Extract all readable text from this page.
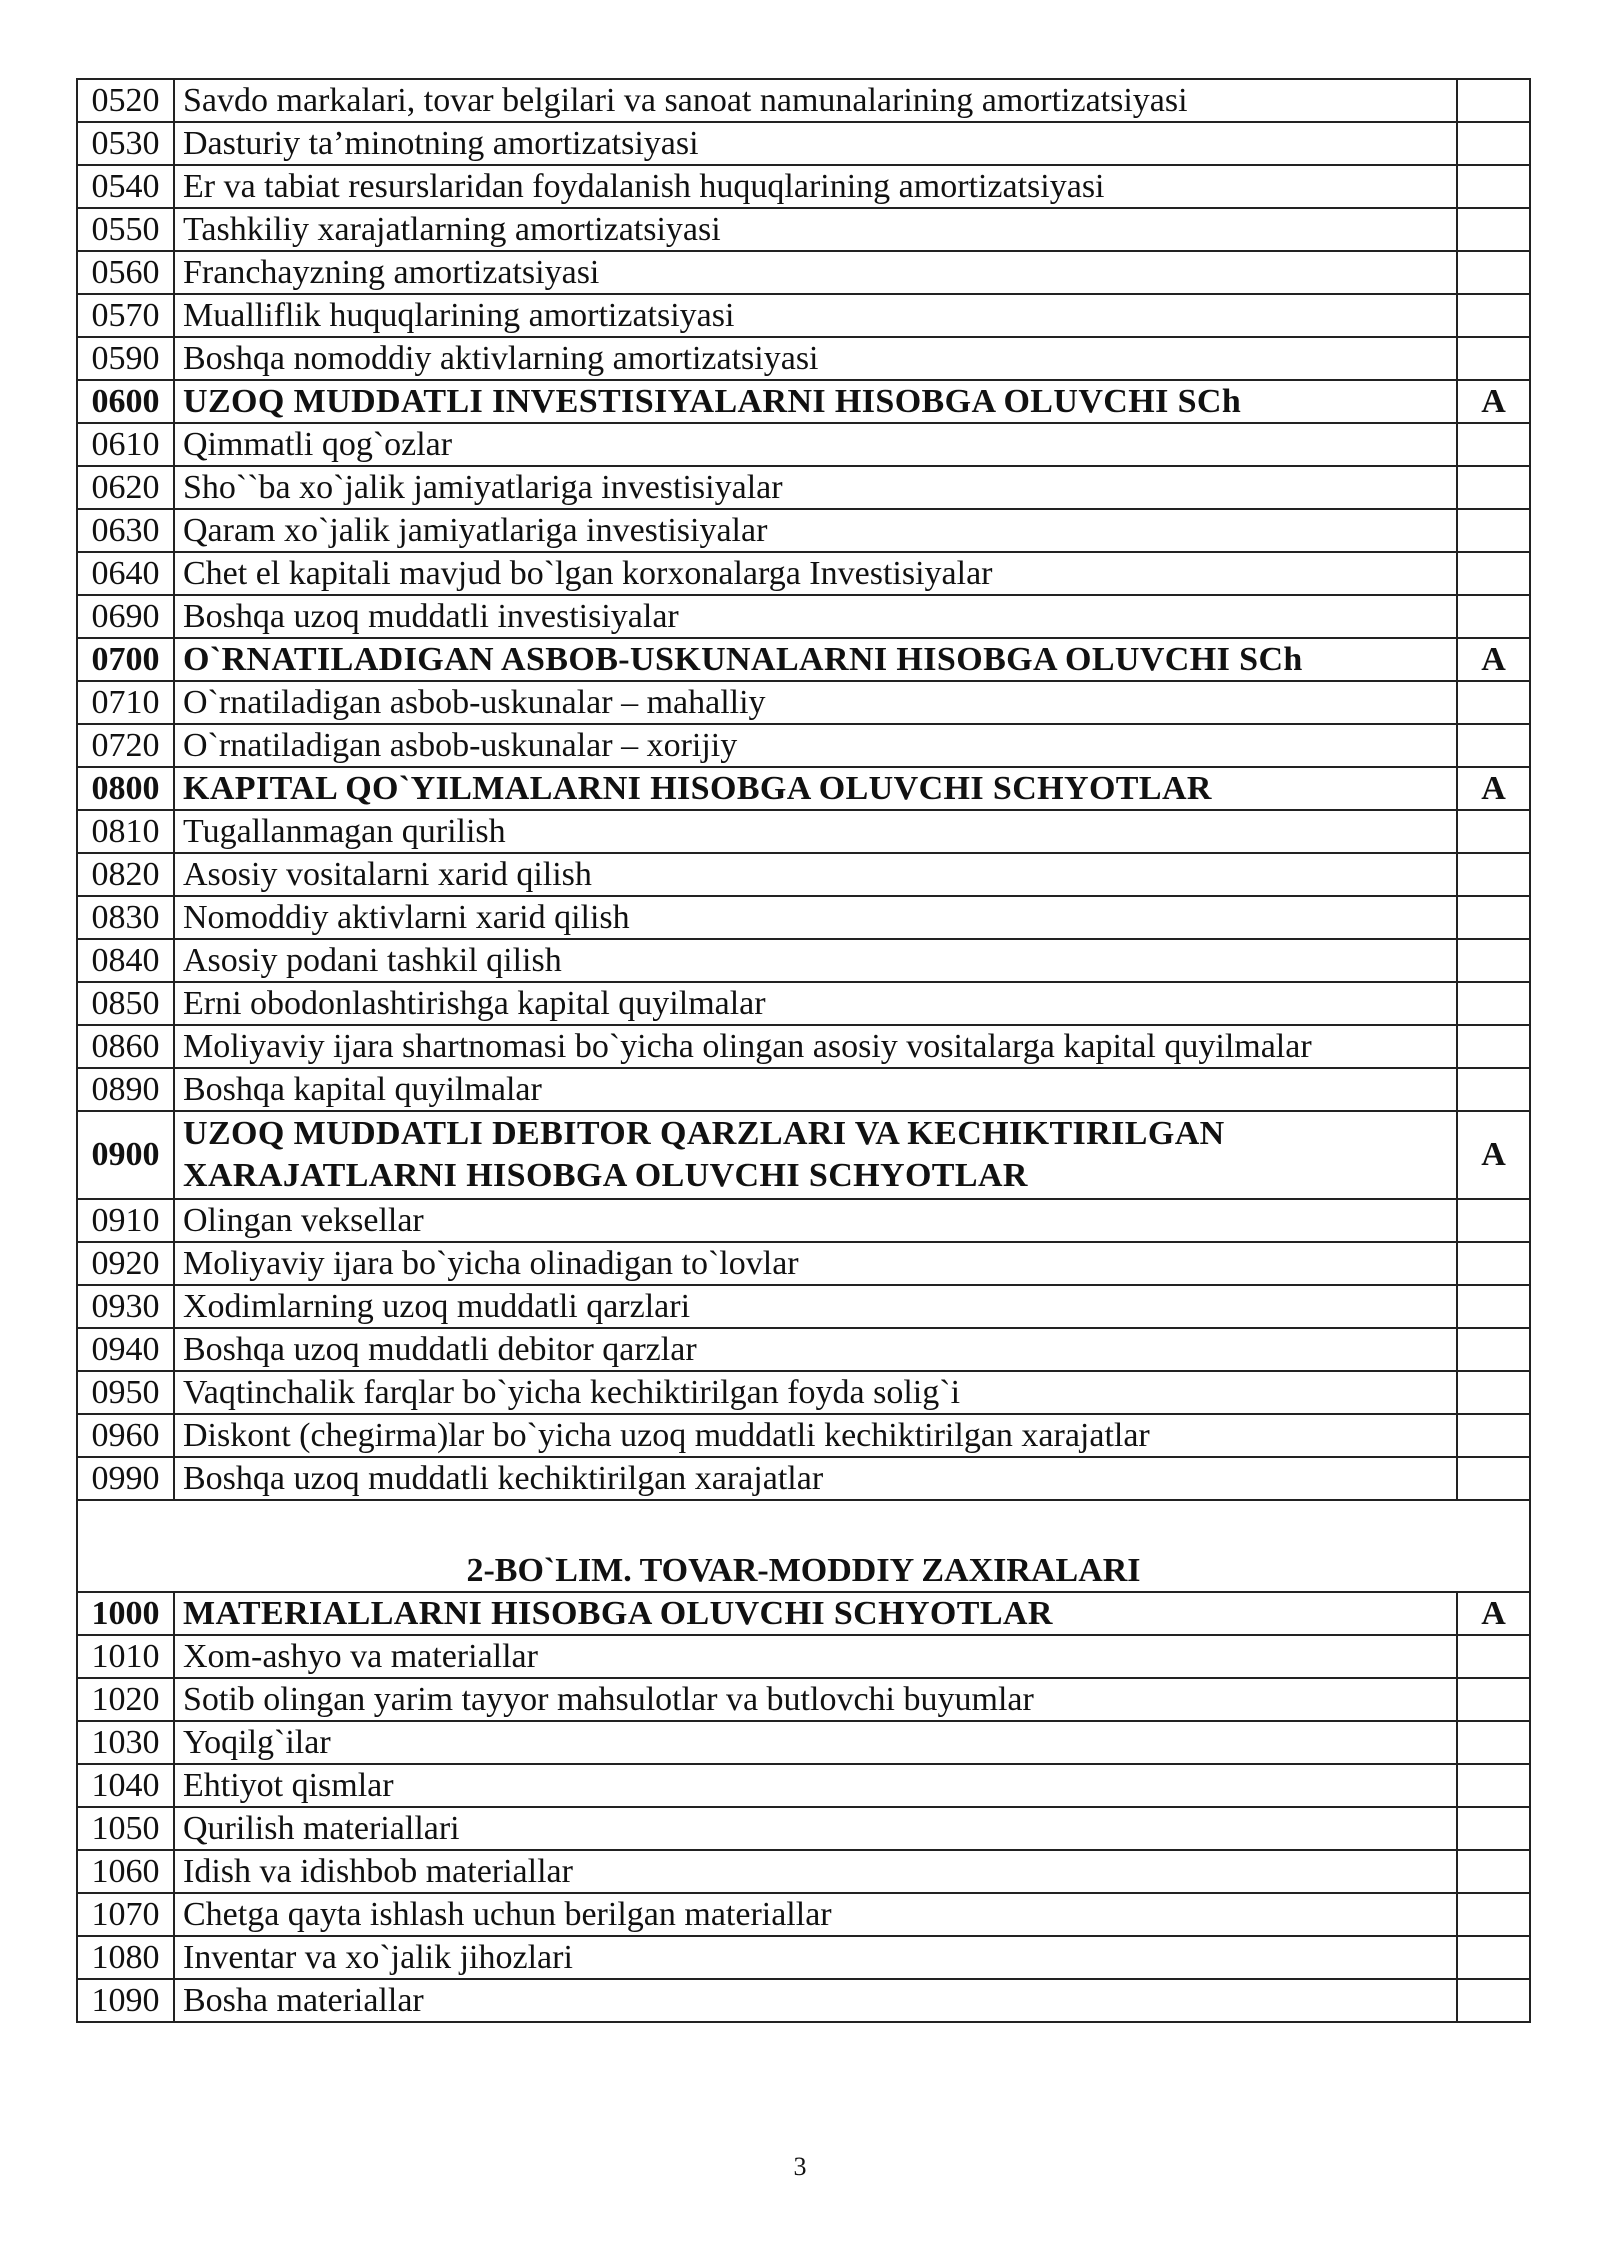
0520	Savdo markalari, tovar belgilari va sanoat namunalarining amortizatsiyasi	
0530	Dasturiy ta’minotning amortizatsiyasi	
0540	Er va tabiat resurslaridan foydalanish huquqlarining amortizatsiyasi	
0550	Tashkiliy xarajatlarning amortizatsiyasi	
0560	Franchayzning amortizatsiyasi	
0570	Mualliflik huquqlarining amortizatsiyasi	
0590	Boshqa nomoddiy aktivlarning amortizatsiyasi	
0600	UZOQ MUDDATLI INVESTISIYALARNI HISOBGA OLUVCHI SCh	A
0610	Qimmatli qog`ozlar	
0620	Sho``ba xo`jalik jamiyatlariga investisiyalar	
0630	Qaram xo`jalik jamiyatlariga investisiyalar	
0640	Chet el kapitali mavjud bo`lgan korxonalarga Investisiyalar	
0690	Boshqa uzoq muddatli investisiyalar	
0700	O`RNATILADIGAN ASBOB-USKUNALARNI HISOBGA OLUVCHI SCh	A
0710	O`rnatiladigan asbob-uskunalar – mahalliy	
0720	O`rnatiladigan asbob-uskunalar – xorijiy	
0800	KAPITAL QO`YILMALARNI HISOBGA OLUVCHI SCHYOTLAR	A
0810	Tugallanmagan qurilish	
0820	Asosiy vositalarni xarid qilish	
0830	Nomoddiy aktivlarni xarid qilish	
0840	Asosiy podani tashkil qilish	
0850	Erni obodonlashtirishga kapital quyilmalar	
0860	Moliyaviy ijara shartnomasi bo`yicha olingan asosiy vositalarga kapital quyilmalar	
0890	Boshqa kapital quyilmalar	
0900	UZOQ MUDDATLI DEBITOR QARZLARI VA KECHIKTIRILGAN XARAJATLARNI HISOBGA OLUVCHI SCHYOTLAR	A
0910	Olingan veksellar	
0920	Moliyaviy ijara bo`yicha olinadigan to`lovlar	
0930	Xodimlarning uzoq muddatli qarzlari	
0940	Boshqa uzoq muddatli debitor qarzlar	
0950	Vaqtinchalik farqlar bo`yicha kechiktirilgan foyda solig`i	
0960	Diskont (chegirma)lar bo`yicha uzoq muddatli kechiktirilgan xarajatlar	
0990	Boshqa uzoq muddatli kechiktirilgan xarajatlar	
2-BO`LIM. TOVAR-MODDIY ZAXIRALARI		
1000	MATERIALLARNI HISOBGA OLUVCHI SCHYOTLAR	A
1010	Xom-ashyo va materiallar	
1020	Sotib olingan yarim tayyor mahsulotlar va butlovchi buyumlar	
1030	Yoqilg`ilar	
1040	Ehtiyot qismlar	
1050	Qurilish materiallari	
1060	Idish va idishbob materiallar	
1070	Chetga qayta ishlash uchun berilgan materiallar	
1080	Inventar va xo`jalik jihozlari	
1090	Bosha materiallar	
3
